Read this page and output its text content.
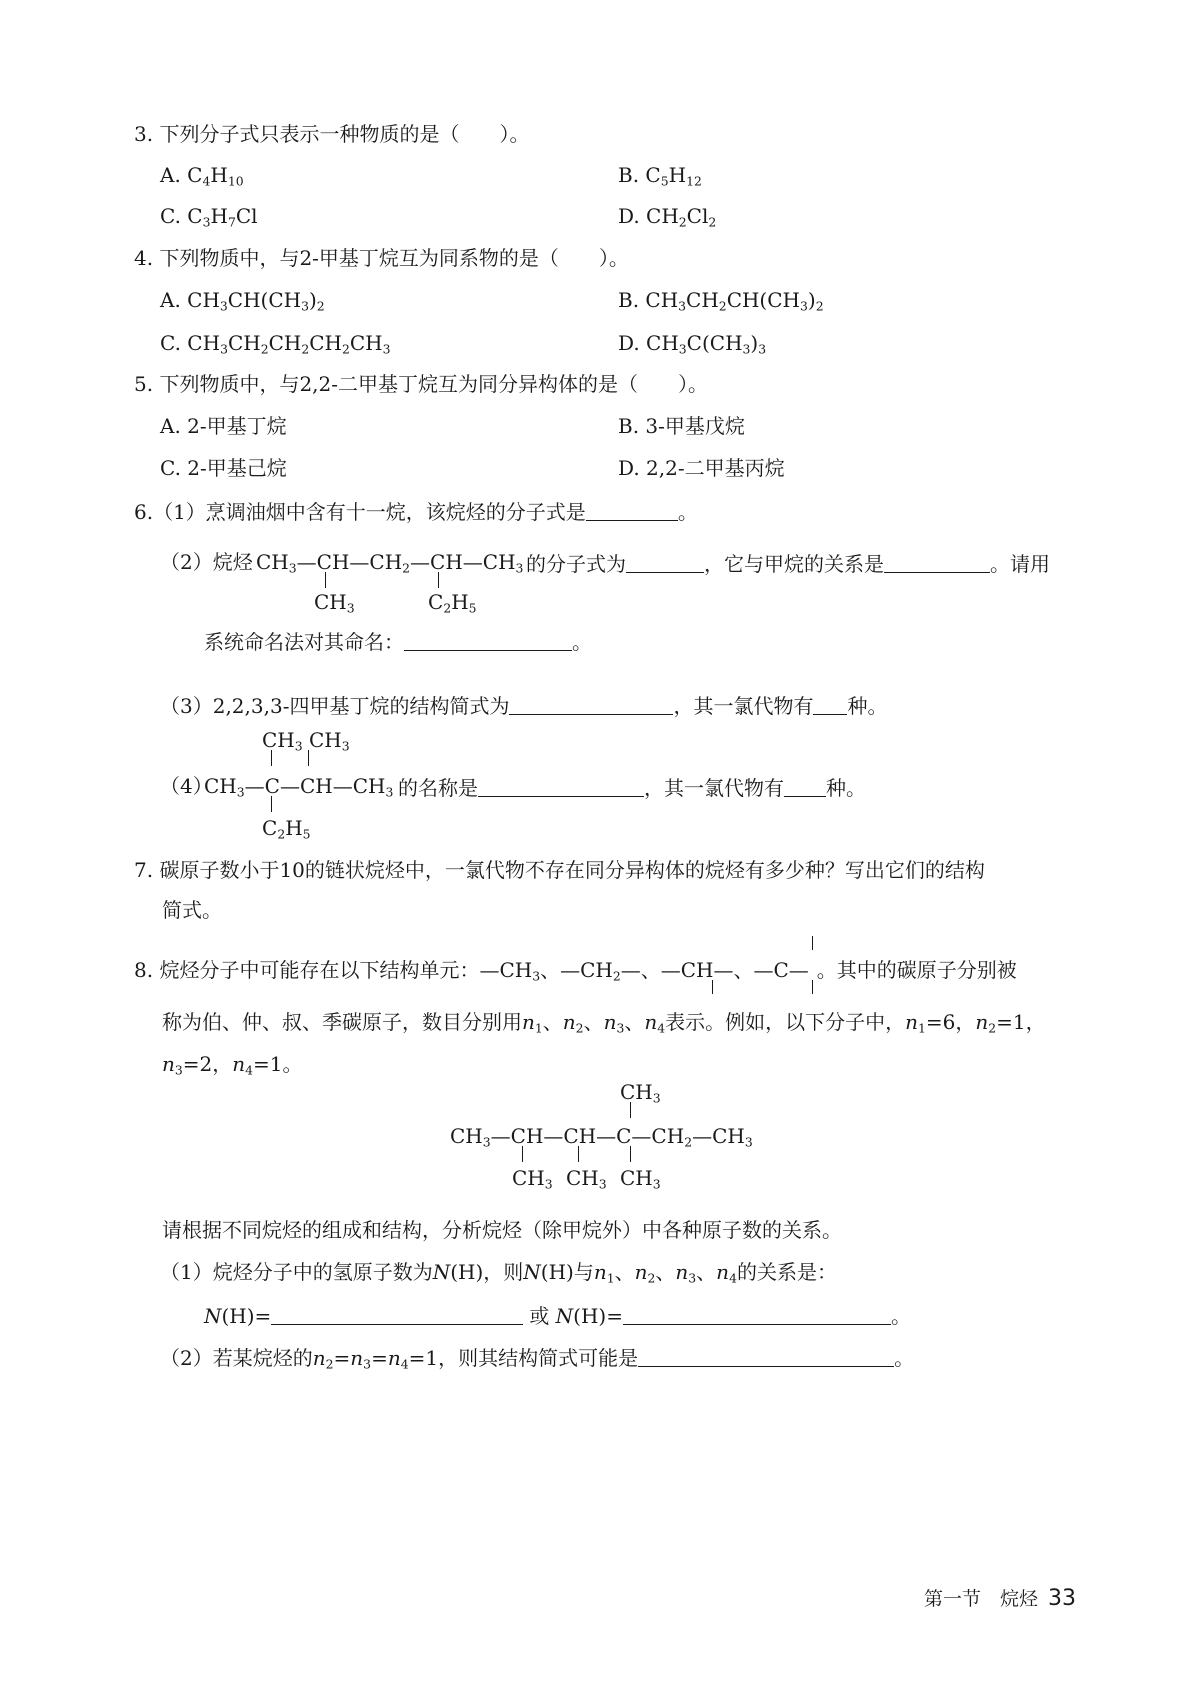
3. 下列分子式只表示一种物质的是（　　）。
A. $C_4H_{10}$	B. $C_5H_{12}$
C. $C_3H_7Cl$	D. $CH_2Cl_2$
4. 下列物质中，与2-甲基丁烷互为同系物的是（　　）。
A. $CH_3CH(CH_3)_2$	B. $CH_3CH_2CH(CH_3)_2$
C. $CH_3CH_2CH_2CH_2CH_3$	D. $CH_3C(CH_3)_3$
5. 下列物质中，与2,2-二甲基丁烷互为同分异构体的是（　　）。
A. 2-甲基丁烷	B. 3-甲基戊烷
C. 2-甲基己烷	D. 2,2-二甲基丙烷
6.（1）烹调油烟中含有十一烷，该烷烃的分子式是	。
（2）烷烃 $CH_3—CH—CH_2—CH—CH_3$
$CH_3$	$C_2H_5$
的分子式为	，它与甲烷的关系是	。请用
系统命名法对其命名：	。
（3）2,2,3,3-四甲基丁烷的结构简式为	，其一氯代物有 种。
$CH_3$ $CH_3$
（4）
$CH_3—C—CH—CH_3$
$C_2H_5$
的名称是	，其一氯代物有 种。
7. 碳原子数小于10的链状烷烃中，一氯代物不存在同分异构体的烷烃有多少种？写出它们的结构
简式。
8. 烷烃分子中可能存在以下结构单元：$—CH_3$、$—CH_2—$、—CH—、—C— 。其中的碳原子分别被
称为伯、仲、叔、季碳原子，数目分别用$n_1$、$n_2$、$n_3$、$n_4$表示。例如，以下分子中，$n_1=6$，$n_2=1$，
$n_3=2$，$n_4=1$。
$CH_3$
$CH_3—CH—CH—C—CH_2—CH_3$
$CH_3$ $CH_3$ $CH_3$
请根据不同烷烃的组成和结构，分析烷烃（除甲烷外）中各种原子数的关系。
（1）烷烃分子中的氢原子数为N(H)，则N(H)与$n_1$、$n_2$、$n_3$、$n_4$的关系是：
N(H)=	或 N(H)=	。
（2）若某烷烃的$n_2=n_3=n_4=1$，则其结构简式可能是	。
第一节　烷烃 33
